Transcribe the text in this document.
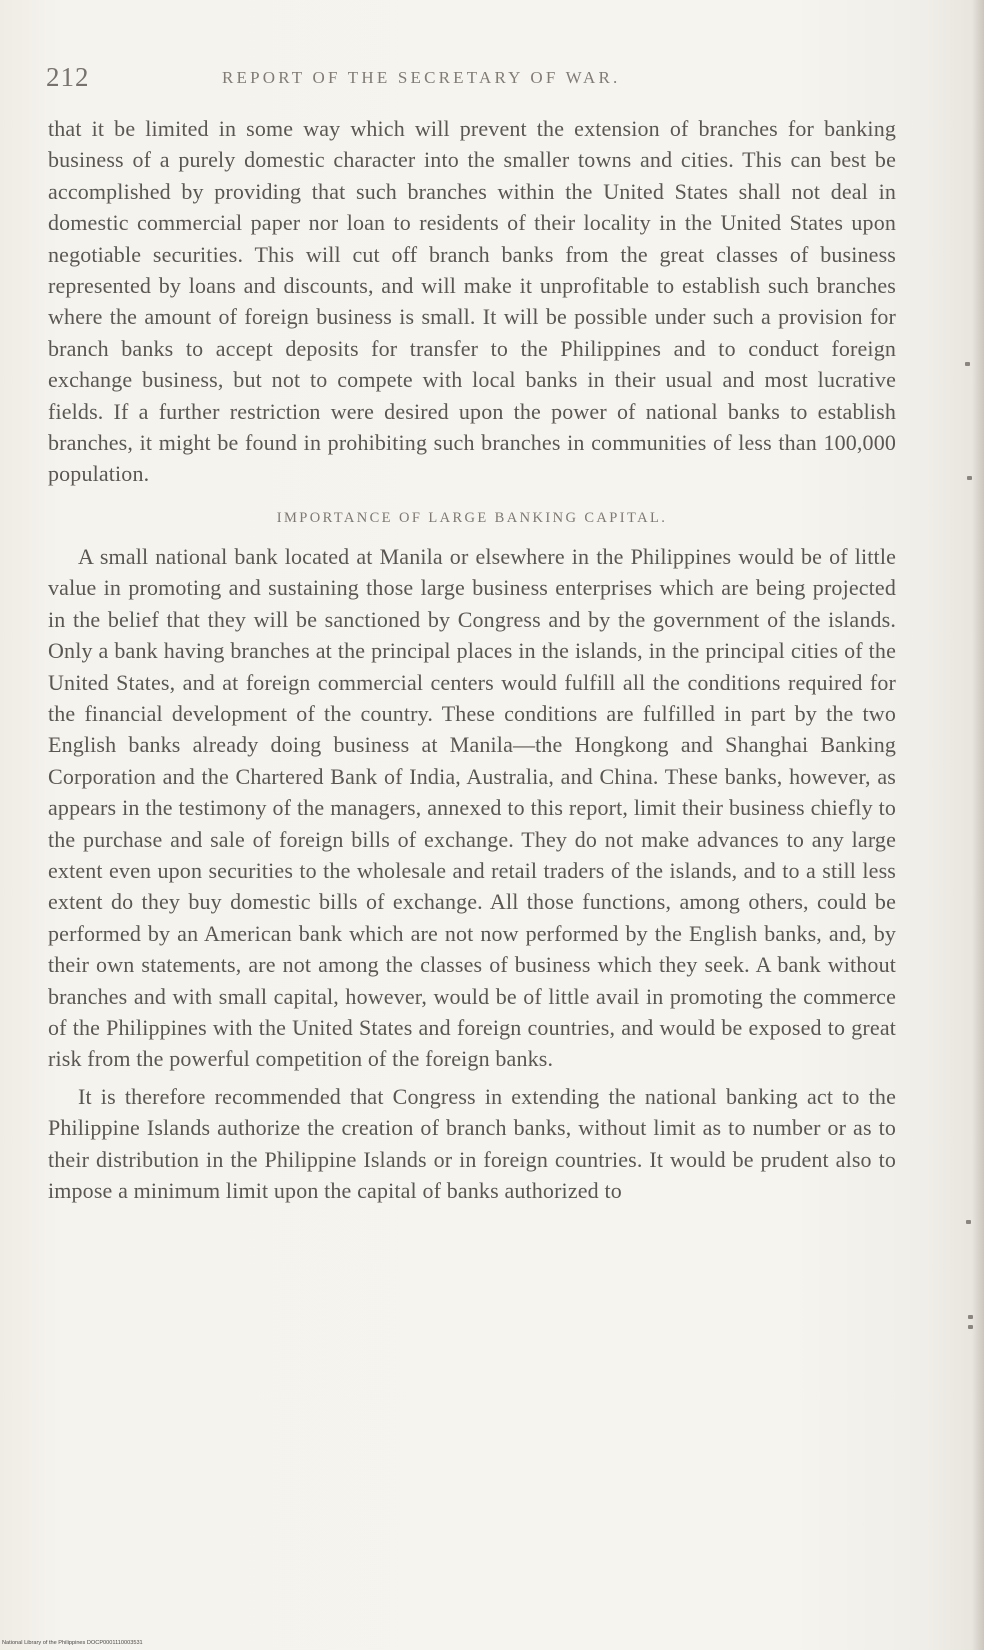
212	REPORT OF THE SECRETARY OF WAR.

that it be limited in some way which will prevent the extension of branches for banking business of a purely domestic character into the smaller towns and cities. This can best be accomplished by providing that such branches within the United States shall not deal in domestic commercial paper nor loan to residents of their locality in the United States upon negotiable securities. This will cut off branch banks from the great classes of business represented by loans and discounts, and will make it unprofitable to establish such branches where the amount of foreign business is small. It will be possible under such a provision for branch banks to accept deposits for transfer to the Philippines and to conduct foreign exchange business, but not to compete with local banks in their usual and most lucrative fields. If a further restriction were desired upon the power of national banks to establish branches, it might be found in prohibiting such branches in communities of less than 100,000 population.

IMPORTANCE OF LARGE BANKING CAPITAL.

A small national bank located at Manila or elsewhere in the Philippines would be of little value in promoting and sustaining those large business enterprises which are being projected in the belief that they will be sanctioned by Congress and by the government of the islands. Only a bank having branches at the principal places in the islands, in the principal cities of the United States, and at foreign commercial centers would fulfill all the conditions required for the financial development of the country. These conditions are fulfilled in part by the two English banks already doing business at Manila—the Hongkong and Shanghai Banking Corporation and the Chartered Bank of India, Australia, and China. These banks, however, as appears in the testimony of the managers, annexed to this report, limit their business chiefly to the purchase and sale of foreign bills of exchange. They do not make advances to any large extent even upon securities to the wholesale and retail traders of the islands, and to a still less extent do they buy domestic bills of exchange. All those functions, among others, could be performed by an American bank which are not now performed by the English banks, and, by their own statements, are not among the classes of business which they seek. A bank without branches and with small capital, however, would be of little avail in promoting the commerce of the Philippines with the United States and foreign countries, and would be exposed to great risk from the powerful competition of the foreign banks.

It is therefore recommended that Congress in extending the national banking act to the Philippine Islands authorize the creation of branch banks, without limit as to number or as to their distribution in the Philippine Islands or in foreign countries. It would be prudent also to impose a minimum limit upon the capital of banks authorized to

National Library of the Philippines DOCP0001110003531
